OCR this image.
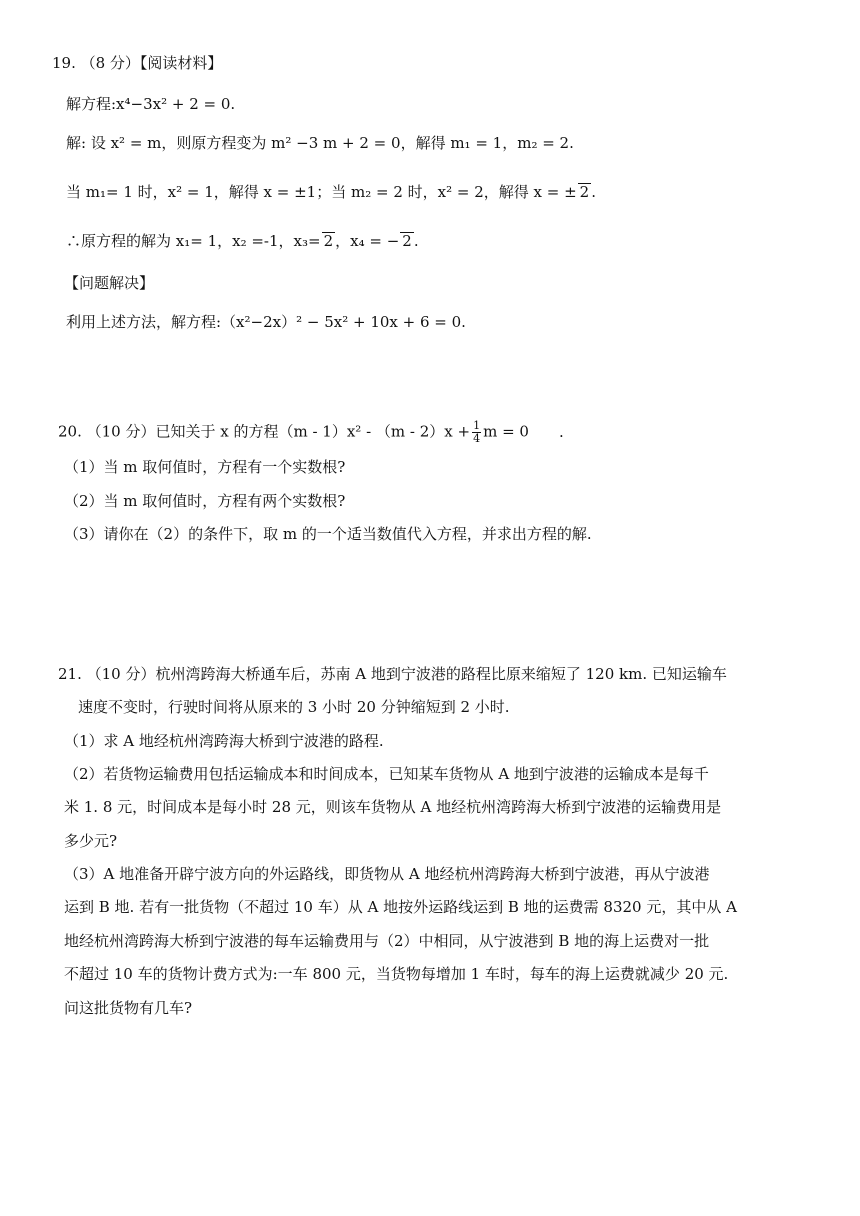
19. （8 分）【阅读材料】
解方程:x⁴−3x² + 2 = 0.
解: 设 x² = m，则原方程变为 m² −3 m + 2 = 0，解得 m₁ = 1，m₂ = 2.
当 m₁= 1 时，x² = 1，解得 x = ±1；当 m₂ = 2 时，x² = 2，解得 x = ± 2 .
∴原方程的解为 x₁= 1，x₂ =-1，x₃= 2 ，x₄ = − 2 .
【问题解决】
利用上述方法，解方程:（x²−2x）² − 5x² + 10x + 6 = 0.
20. （10 分）已知关于 x 的方程$(m - 1)x^2 - (m - 2)x + \frac{1}{4}$ m = 0 .
（1）当 m 取何值时，方程有一个实数根?
（2）当 m 取何值时，方程有两个实数根?
（3）请你在（2）的条件下，取 m 的一个适当数值代入方程，并求出方程的解.
21. （10 分）杭州湾跨海大桥通车后，苏南 A 地到宁波港的路程比原来缩短了 120 km. 已知运输车
速度不变时，行驶时间将从原来的 3 小时 20 分钟缩短到 2 小时.
（1）求 A 地经杭州湾跨海大桥到宁波港的路程.
（2）若货物运输费用包括运输成本和时间成本，已知某车货物从 A 地到宁波港的运输成本是每千
米 1. 8 元，时间成本是每小时 28 元，则该车货物从 A 地经杭州湾跨海大桥到宁波港的运输费用是
多少元?
（3）A 地准备开辟宁波方向的外运路线，即货物从 A 地经杭州湾跨海大桥到宁波港，再从宁波港
运到 B 地. 若有一批货物（不超过 10 车）从 A 地按外运路线运到 B 地的运费需 8320 元，其中从 A
地经杭州湾跨海大桥到宁波港的每车运输费用与（2）中相同，从宁波港到 B 地的海上运费对一批
不超过 10 车的货物计费方式为:一车 800 元，当货物每增加 1 车时，每车的海上运费就减少 20 元.
问这批货物有几车?
